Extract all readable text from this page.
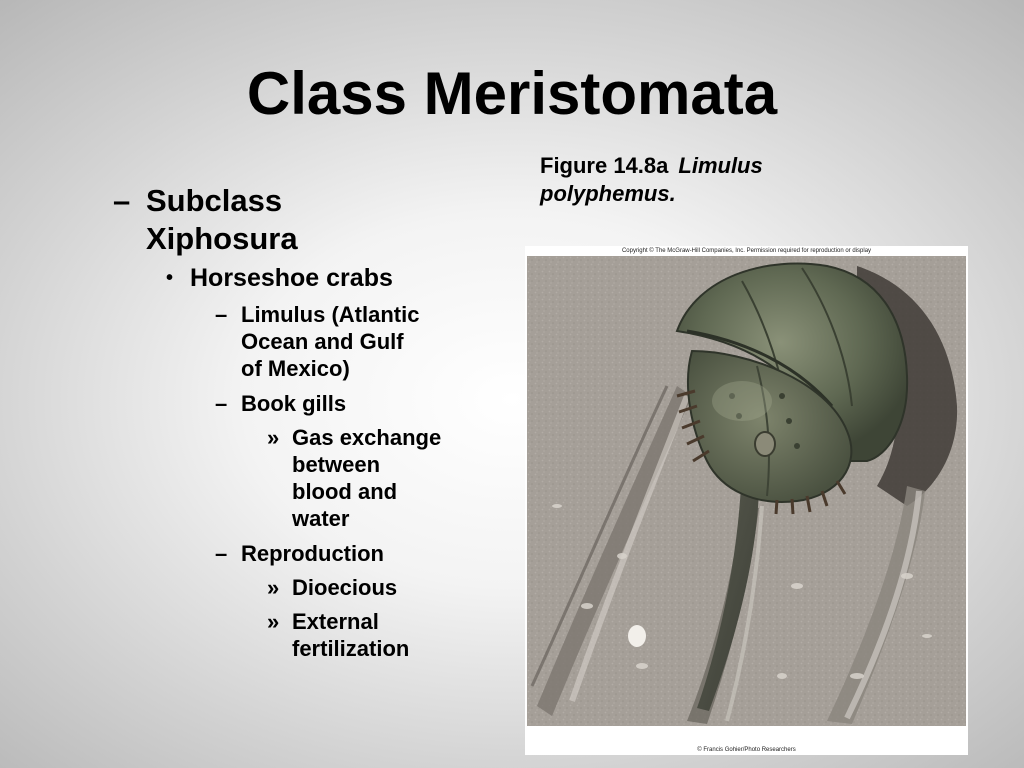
Class Meristomata
– Subclass
Xiphosura
• Horseshoe crabs
– Limulus (Atlantic
Ocean and Gulf
of Mexico)
– Book gills
» Gas exchange
between
blood and
water
– Reproduction
» Dioecious
» External
fertilization
Figure 14.8a Limulus
polyphemus.
Copyright © The McGraw-Hill Companies, Inc. Permission required for reproduction or display
© Francis Gohier/Photo Researchers
